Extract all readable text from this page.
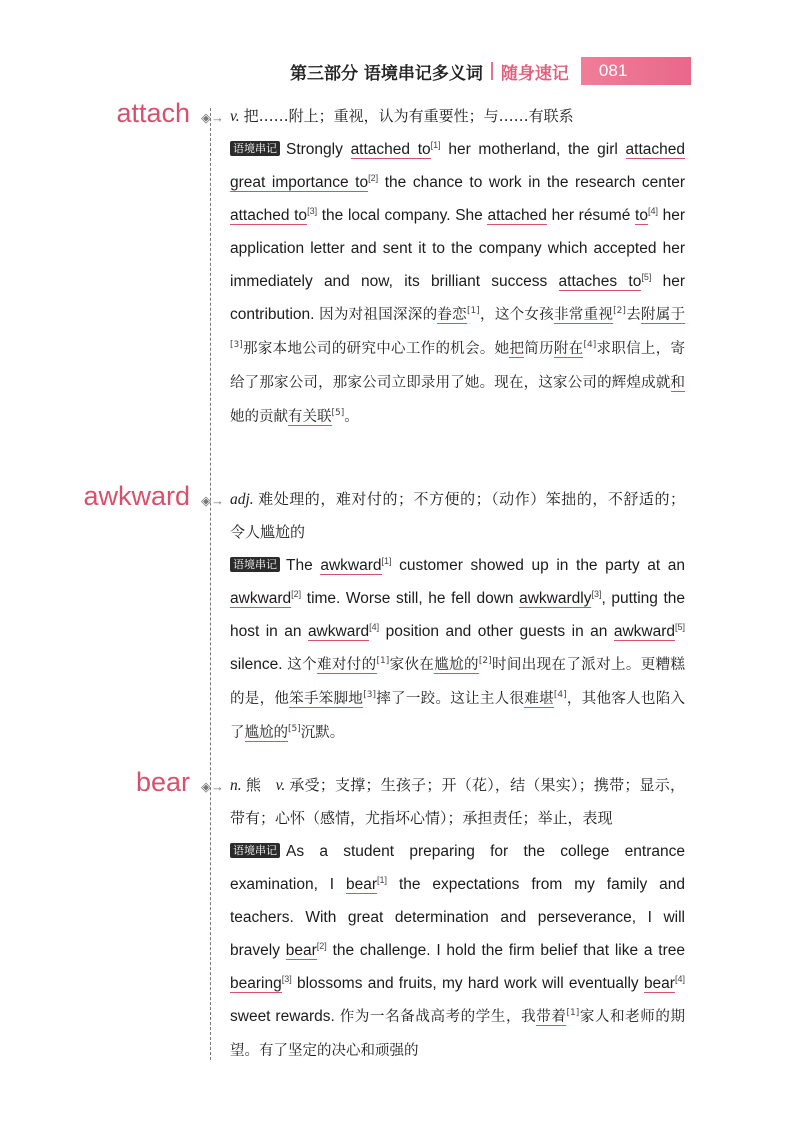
第三部分 语境串记多义词 随身速记	081
attach ◈→ v. 把……附上；重视，认为有重要性；与……有联系
语境串记 Strongly attached to[1] her motherland, the girl attached great importance to[2] the chance to work in the research center attached to[3] the local company. She attached her résumé to[4] her application letter and sent it to the company which accepted her immediately and now, its brilliant success attaches to[5] her contribution. 因为对祖国深深的眷恋[1]，这个女孩非常重视[2]去附属于[3]那家本地公司的研究中心工作的机会。她把简历附在[4]求职信上，寄给了那家公司，那家公司立即录用了她。现在，这家公司的辉煌成就和她的贡献有关联[5]。
awkward ◈→ adj. 难处理的，难对付的；不方便的；（动作）笨拙的，不舒适的；令人尴尬的
语境串记 The awkward[1] customer showed up in the party at an awkward[2] time. Worse still, he fell down awkwardly[3], putting the host in an awkward[4] position and other guests in an awkward[5] silence. 这个难对付的[1]家伙在尴尬的[2]时间出现在了派对上。更糟糕的是，他笨手笨脚地[3]摔了一跤。这让主人很难堪[4]，其他客人也陷入了尴尬的[5]沉默。
bear ◈→ n. 熊 v. 承受；支撑；生孩子；开（花），结（果实）；携带；显示，带有；心怀（感情，尤指坏心情）；承担责任；举止，表现
语境串记 As a student preparing for the college entrance examination, I bear[1] the expectations from my family and teachers. With great determination and perseverance, I will bravely bear[2] the challenge. I hold the firm belief that like a tree bearing[3] blossoms and fruits, my hard work will eventually bear[4] sweet rewards. 作为一名备战高考的学生，我带着[1]家人和老师的期望。有了坚定的决心和顽强的
